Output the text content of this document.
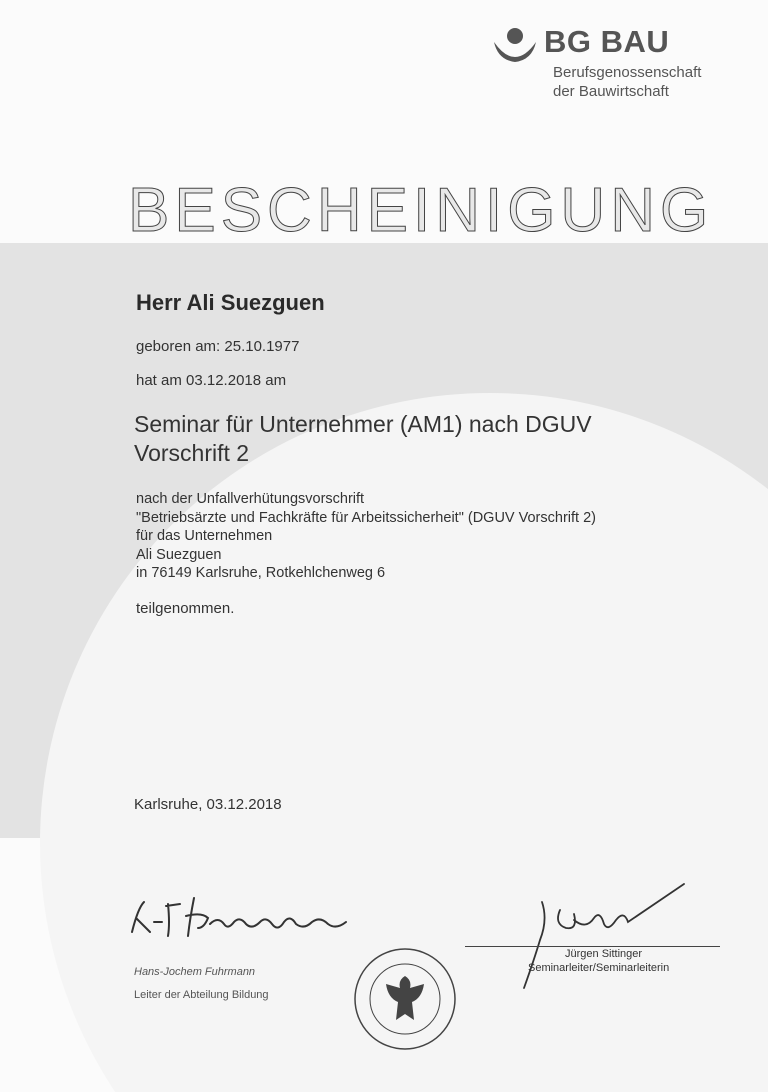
BG BAU
Berufsgenossenschaft
der Bauwirtschaft
BESCHEINIGUNG
Herr Ali Suezguen
geboren am: 25.10.1977
hat am 03.12.2018 am
Seminar für Unternehmer (AM1) nach DGUV
Vorschrift 2
nach der Unfallverhütungsvorschrift
"Betriebsärzte und Fachkräfte für Arbeitssicherheit" (DGUV Vorschrift 2)
für das Unternehmen
Ali Suezguen
in 76149 Karlsruhe, Rotkehlchenweg 6
teilgenommen.
Karlsruhe, 03.12.2018
Hans-Jochem Fuhrmann
Leiter der Abteilung Bildung
Jürgen Sittinger
Seminarleiter/Seminarleiterin
